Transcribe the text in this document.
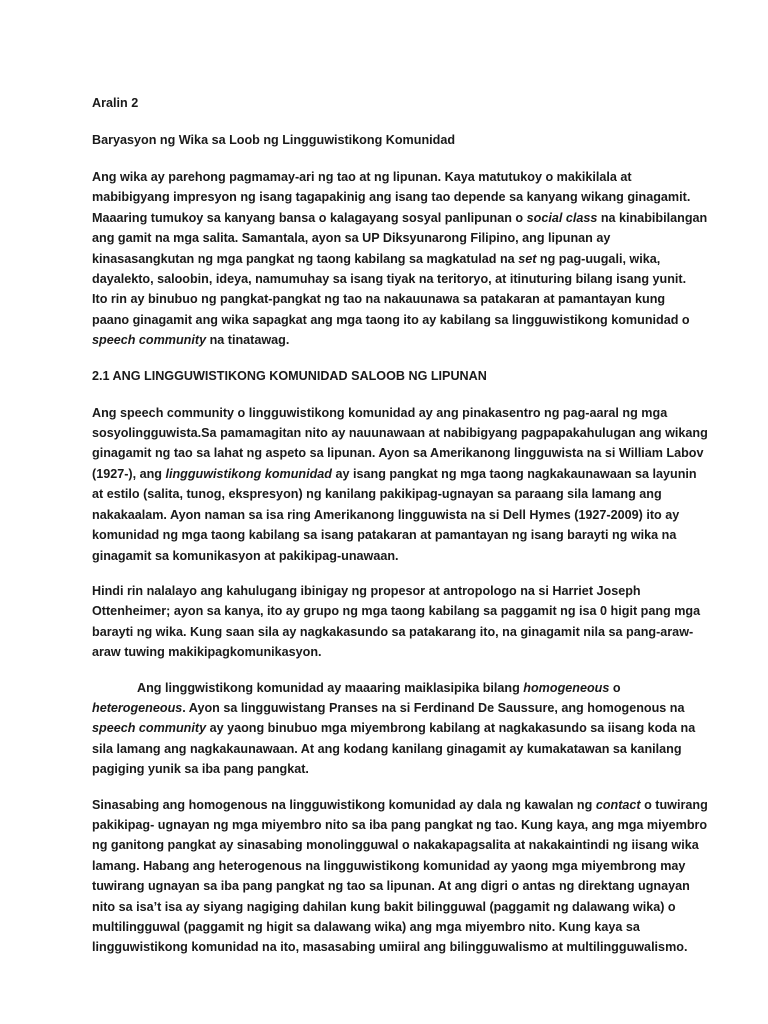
Aralin 2
Baryasyon ng Wika sa Loob ng Lingguwistikong Komunidad
Ang wika ay parehong pagmamay-ari ng tao at ng lipunan. Kaya matutukoy o makikilala at
mabibigyang impresyon ng isang tagapakinig ang isang tao depende sa kanyang wikang ginagamit.
Maaaring tumukoy sa kanyang bansa o kalagayang sosyal panlipunan o social class na kinabibilangan
ang gamit na mga salita. Samantala, ayon sa UP Diksyunarong Filipino, ang lipunan ay
kinasasangkutan ng mga pangkat ng taong kabilang sa magkatulad na set ng pag-uugali, wika,
dayalekto, saloobin, ideya, namumuhay sa isang tiyak na teritoryo, at itinuturing bilang isang yunit.
Ito rin ay binubuo ng pangkat-pangkat ng tao na nakauunawa sa patakaran at pamantayan kung
paano ginagamit ang wika sapagkat ang mga taong ito ay kabilang sa lingguwistikong komunidad o
speech community na tinatawag.
2.1 ANG LINGGUWISTIKONG KOMUNIDAD SALOOB NG LIPUNAN
Ang speech community o lingguwistikong komunidad ay ang pinakasentro ng pag-aaral ng mga
sosyolingguwista.Sa pamamagitan nito ay nauunawaan at nabibigyang pagpapakahulugan ang wikang
ginagamit ng tao sa lahat ng aspeto sa lipunan. Ayon sa Amerikanong lingguwista na si William Labov
(1927-), ang lingguwistikong komunidad ay isang pangkat ng mga taong nagkakaunawaan sa layunin
at estilo (salita, tunog, ekspresyon) ng kanilang pakikipag-ugnayan sa paraang sila lamang ang
nakakaalam. Ayon naman sa isa ring Amerikanong lingguwista na si Dell Hymes (1927-2009) ito ay
komunidad ng mga taong kabilang sa isang patakaran at pamantayan ng isang barayti ng wika na
ginagamit sa komunikasyon at pakikipag-unawaan.
Hindi rin nalalayo ang kahulugang ibinigay ng propesor at antropologo na si Harriet Joseph
Ottenheimer; ayon sa kanya, ito ay grupo ng mga taong kabilang sa paggamit ng isa 0 higit pang mga
barayti ng wika. Kung saan sila ay nagkakasundo sa patakarang ito, na ginagamit nila sa pang-araw-
araw tuwing makikipagkomunikasyon.
Ang linggwistikong komunidad ay maaaring maiklasipika bilang homogeneous o
heterogeneous. Ayon sa lingguwistang Pranses na si Ferdinand De Saussure, ang homogenous na
speech community ay yaong binubuo mga miyembrong kabilang at nagkakasundo sa iisang koda na
sila lamang ang nagkakaunawaan. At ang kodang kanilang ginagamit ay kumakatawan sa kanilang
pagiging yunik sa iba pang pangkat.
Sinasabing ang homogenous na lingguwistikong komunidad ay dala ng kawalan ng contact o tuwirang
pakikipag- ugnayan ng mga miyembro nito sa iba pang pangkat ng tao. Kung kaya, ang mga miyembro
ng ganitong pangkat ay sinasabing monolingguwal o nakakapagsalita at nakakaintindi ng iisang wika
lamang. Habang ang heterogenous na lingguwistikong komunidad ay yaong mga miyembrong may
tuwirang ugnayan sa iba pang pangkat ng tao sa lipunan. At ang digri o antas ng direktang ugnayan
nito sa isa’t isa ay siyang nagiging dahilan kung bakit bilingguwal (paggamit ng dalawang wika) o
multilingguwal (paggamit ng higit sa dalawang wika) ang mga miyembro nito. Kung kaya sa
lingguwistikong komunidad na ito, masasabing umiiral ang bilingguwalismo at multilingguwalismo.
